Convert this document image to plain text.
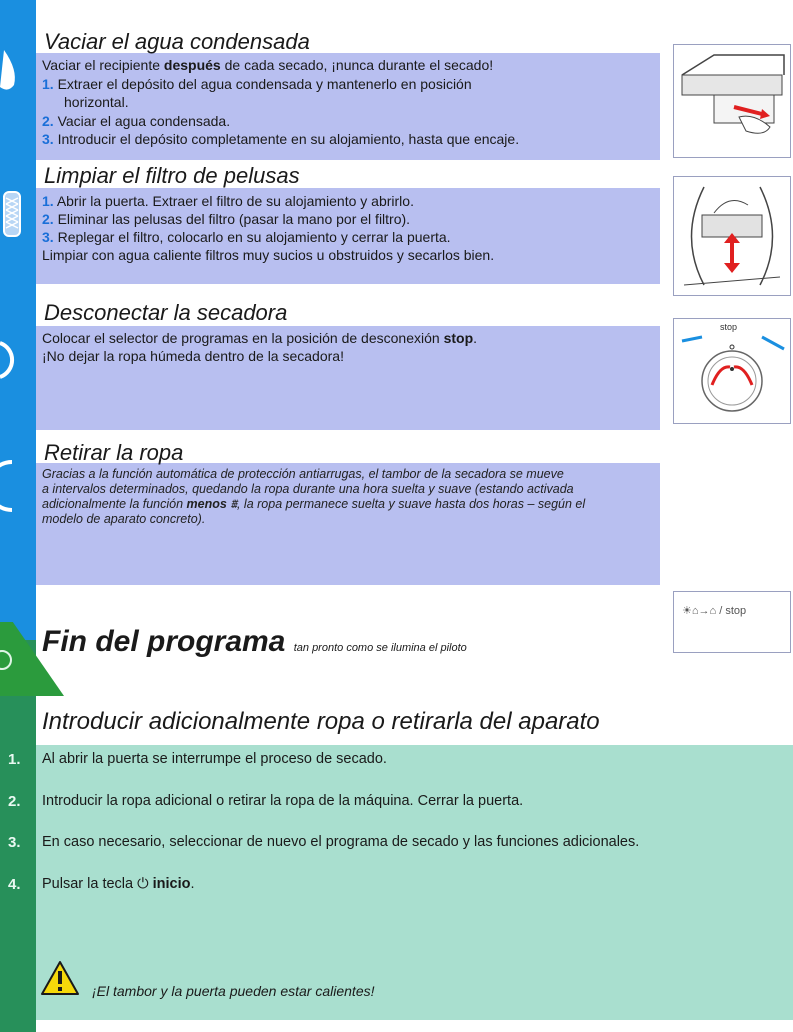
Vaciar el agua condensada
Vaciar el recipiente después de cada secado, ¡nunca durante el secado!
1. Extraer el depósito del agua condensada y mantenerlo en posición
horizontal.
2. Vaciar el agua condensada.
3. Introducir el depósito completamente en su alojamiento, hasta que encaje.
Limpiar el filtro de pelusas
1. Abrir la puerta. Extraer el filtro de su alojamiento y abrirlo.
2. Eliminar las pelusas del filtro (pasar la mano por el filtro).
3. Replegar el filtro, colocarlo en su alojamiento y cerrar la puerta.
Limpiar con agua caliente filtros muy sucios u obstruidos y secarlos bien.
Desconectar la secadora
Colocar el selector de programas en la posición de desconexión stop.
¡No dejar la ropa húmeda dentro de la secadora!
stop
Retirar la ropa
Gracias a la función automática de protección antiarrugas, el tambor de la secadora se mueve
a intervalos determinados, quedando la ropa durante una hora suelta y suave (estando activada
adicionalmente la función menos ⩩, la ropa permanece suelta y suave hasta dos horas – según el
modelo de aparato concreto).
Fin del programa tan pronto como se ilumina el piloto
☀⌂→⌂ / stop
Introducir adicionalmente ropa o retirarla del aparato
1. Al abrir la puerta se interrumpe el proceso de secado.
2. Introducir la ropa adicional o retirar la ropa de la máquina. Cerrar la puerta.
3. En caso necesario, seleccionar de nuevo el programa de secado y las funciones adicionales.
4. Pulsar la tecla ⏻ inicio.
¡El tambor y la puerta pueden estar calientes!
